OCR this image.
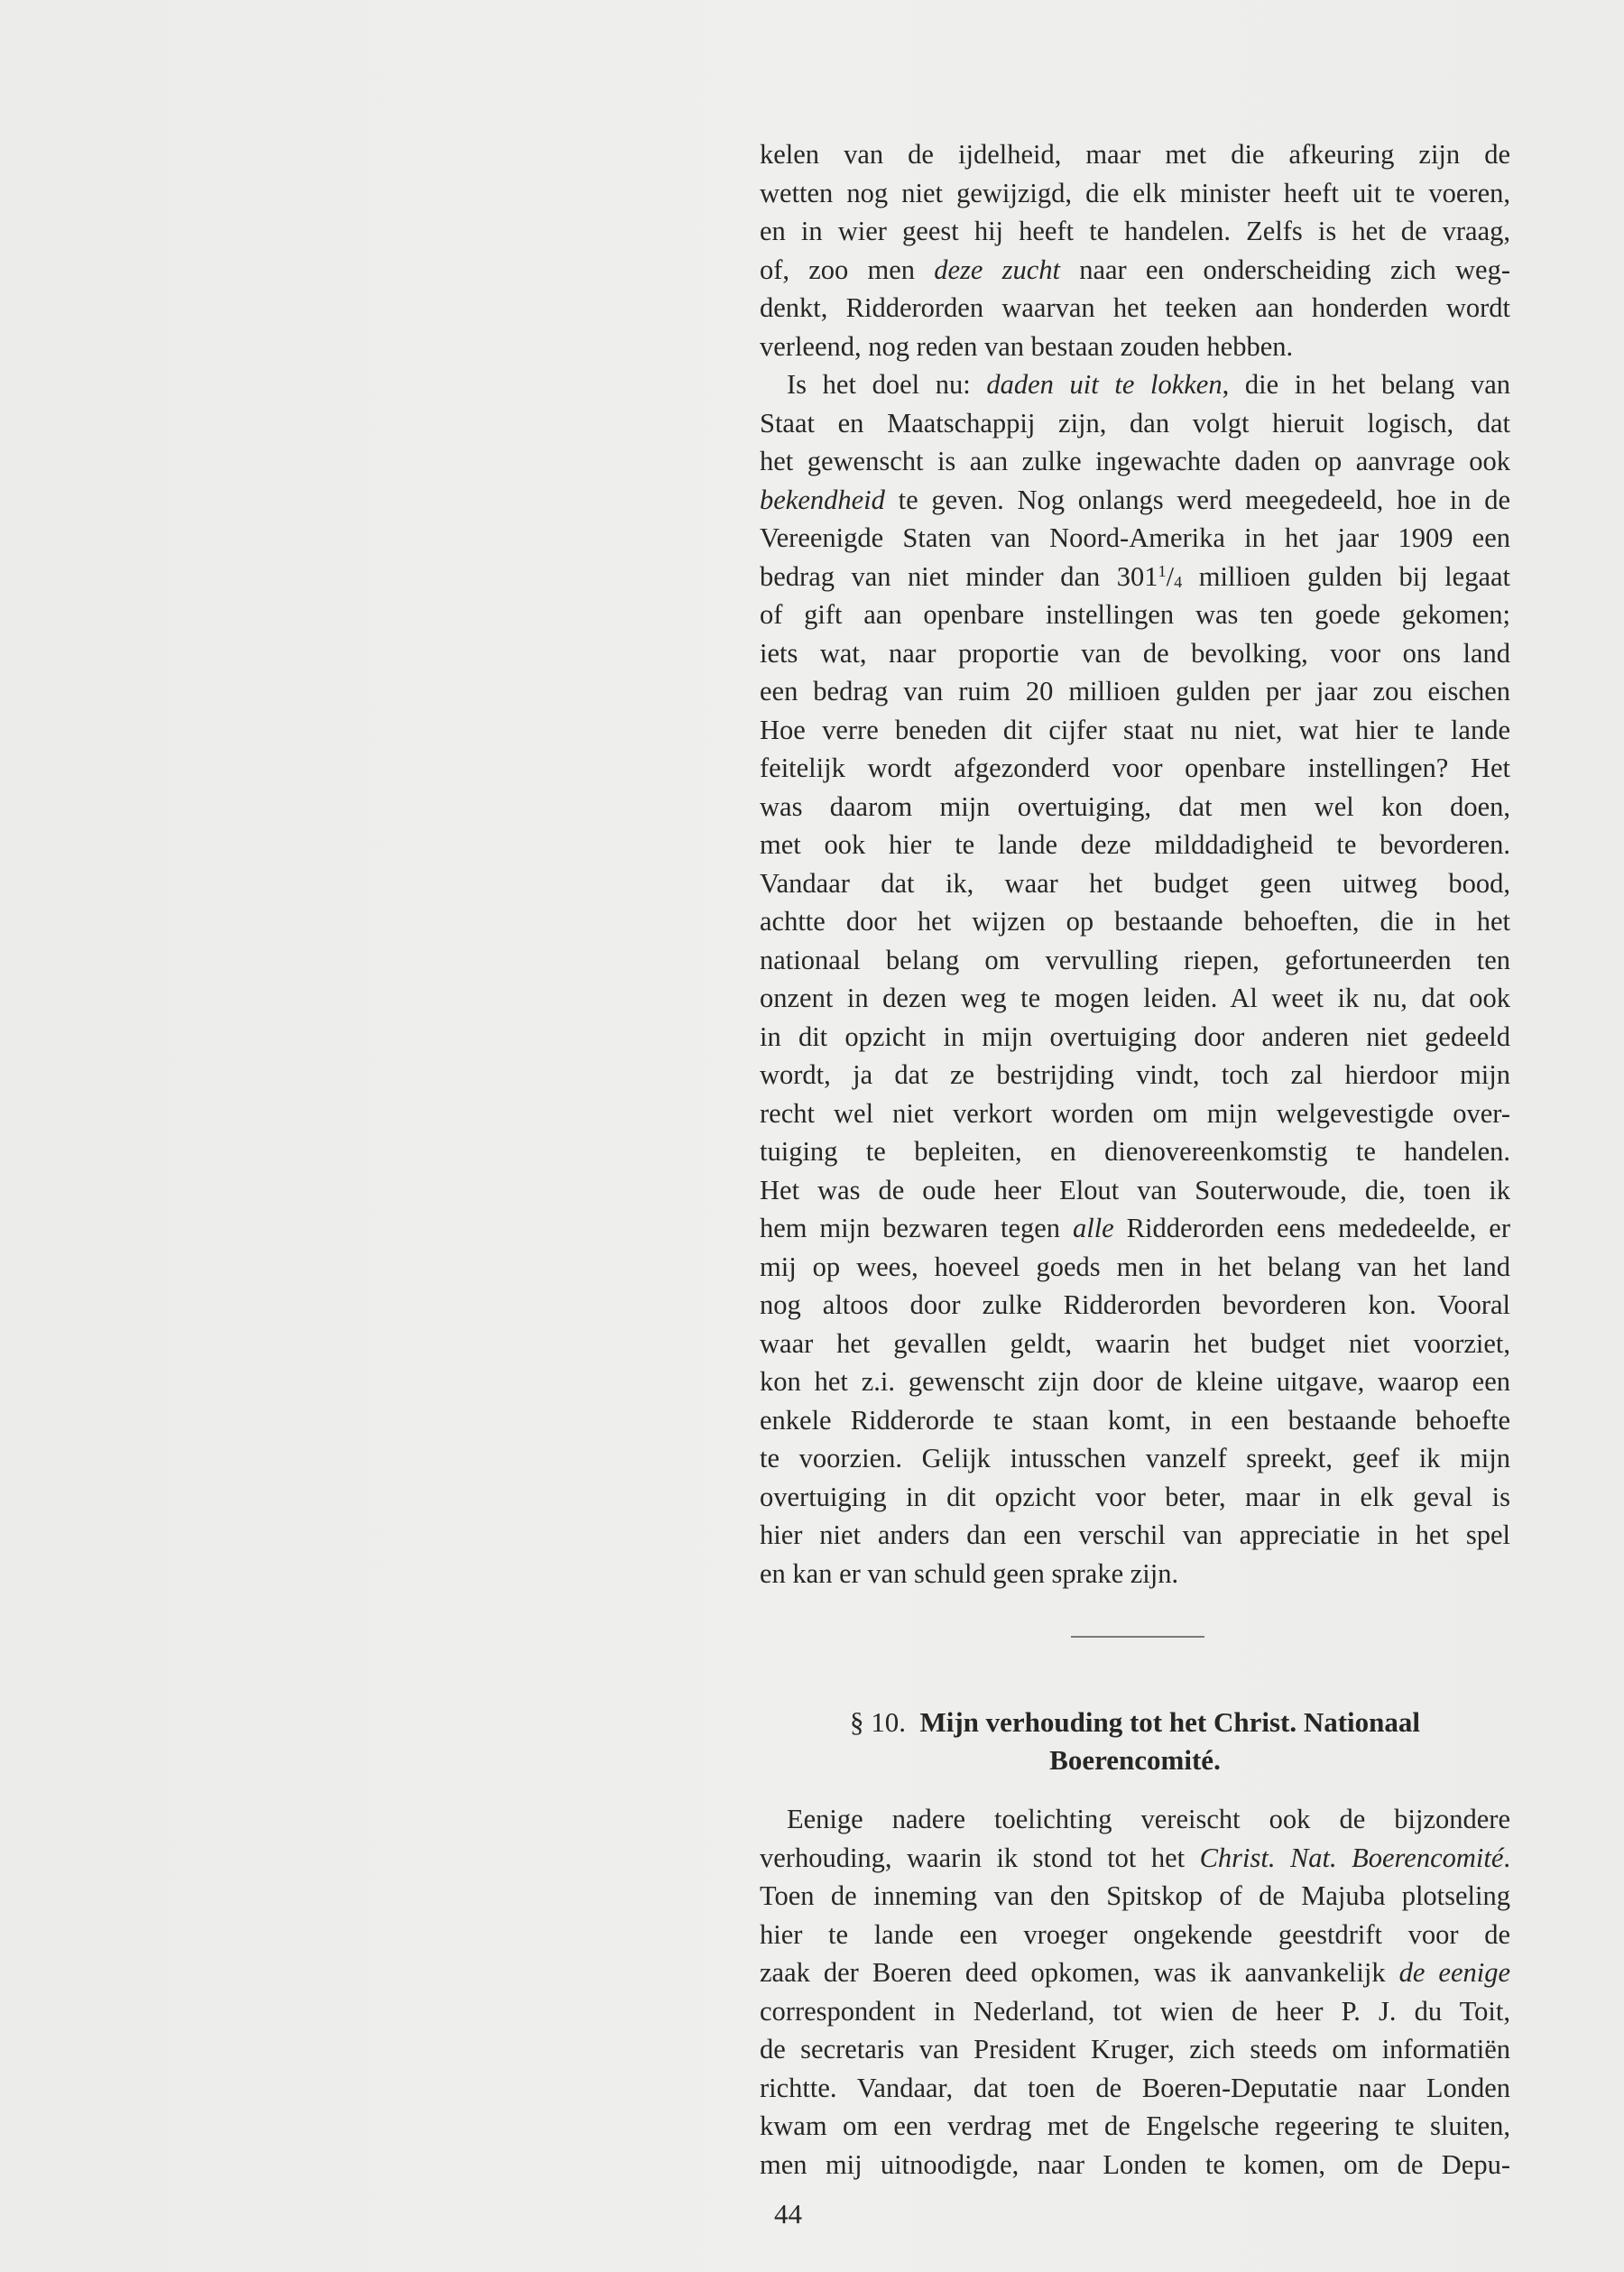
kelen van de ijdelheid, maar met die afkeuring zijn de
wetten nog niet gewijzigd, die elk minister heeft uit te voeren,
en in wier geest hij heeft te handelen. Zelfs is het de vraag,
of, zoo men deze zucht naar een onderscheiding zich weg-
denkt, Ridderorden waarvan het teeken aan honderden wordt
verleend, nog reden van bestaan zouden hebben.
Is het doel nu: daden uit te lokken, die in het belang van
Staat en Maatschappij zijn, dan volgt hieruit logisch, dat
het gewenscht is aan zulke ingewachte daden op aanvrage ook
bekendheid te geven. Nog onlangs werd meegedeeld, hoe in de
Vereenigde Staten van Noord-Amerika in het jaar 1909 een
bedrag van niet minder dan $301^1/_4$ millioen gulden bij legaat
of gift aan openbare instellingen was ten goede gekomen;
iets wat, naar proportie van de bevolking, voor ons land
een bedrag van ruim 20 millioen gulden per jaar zou eischen
Hoe verre beneden dit cijfer staat nu niet, wat hier te lande
feitelijk wordt afgezonderd voor openbare instellingen? Het
was daarom mijn overtuiging, dat men wel kon doen,
met ook hier te lande deze milddadigheid te bevorderen.
Vandaar dat ik, waar het budget geen uitweg bood,
achtte door het wijzen op bestaande behoeften, die in het
nationaal belang om vervulling riepen, gefortuneerden ten
onzent in dezen weg te mogen leiden. Al weet ik nu, dat ook
in dit opzicht in mijn overtuiging door anderen niet gedeeld
wordt, ja dat ze bestrijding vindt, toch zal hierdoor mijn
recht wel niet verkort worden om mijn welgevestigde over-
tuiging te bepleiten, en dienovereenkomstig te handelen.
Het was de oude heer Elout van Souterwoude, die, toen ik
hem mijn bezwaren tegen alle Ridderorden eens mededeelde, er
mij op wees, hoeveel goeds men in het belang van het land
nog altoos door zulke Ridderorden bevorderen kon. Vooral
waar het gevallen geldt, waarin het budget niet voorziet,
kon het z.i. gewenscht zijn door de kleine uitgave, waarop een
enkele Ridderorde te staan komt, in een bestaande behoefte
te voorzien. Gelijk intusschen vanzelf spreekt, geef ik mijn
overtuiging in dit opzicht voor beter, maar in elk geval is
hier niet anders dan een verschil van appreciatie in het spel
en kan er van schuld geen sprake zijn.
§ 10. Mijn verhouding tot het Christ. Nationaal
Boerencomité.
Eenige nadere toelichting vereischt ook de bijzondere
verhouding, waarin ik stond tot het Christ. Nat. Boerencomité.
Toen de inneming van den Spitskop of de Majuba plotseling
hier te lande een vroeger ongekende geestdrift voor de
zaak der Boeren deed opkomen, was ik aanvankelijk de eenige
correspondent in Nederland, tot wien de heer P. J. du Toit,
de secretaris van President Kruger, zich steeds om informatiën
richtte. Vandaar, dat toen de Boeren-Deputatie naar Londen
kwam om een verdrag met de Engelsche regeering te sluiten,
men mij uitnoodigde, naar Londen te komen, om de Depu-
44
